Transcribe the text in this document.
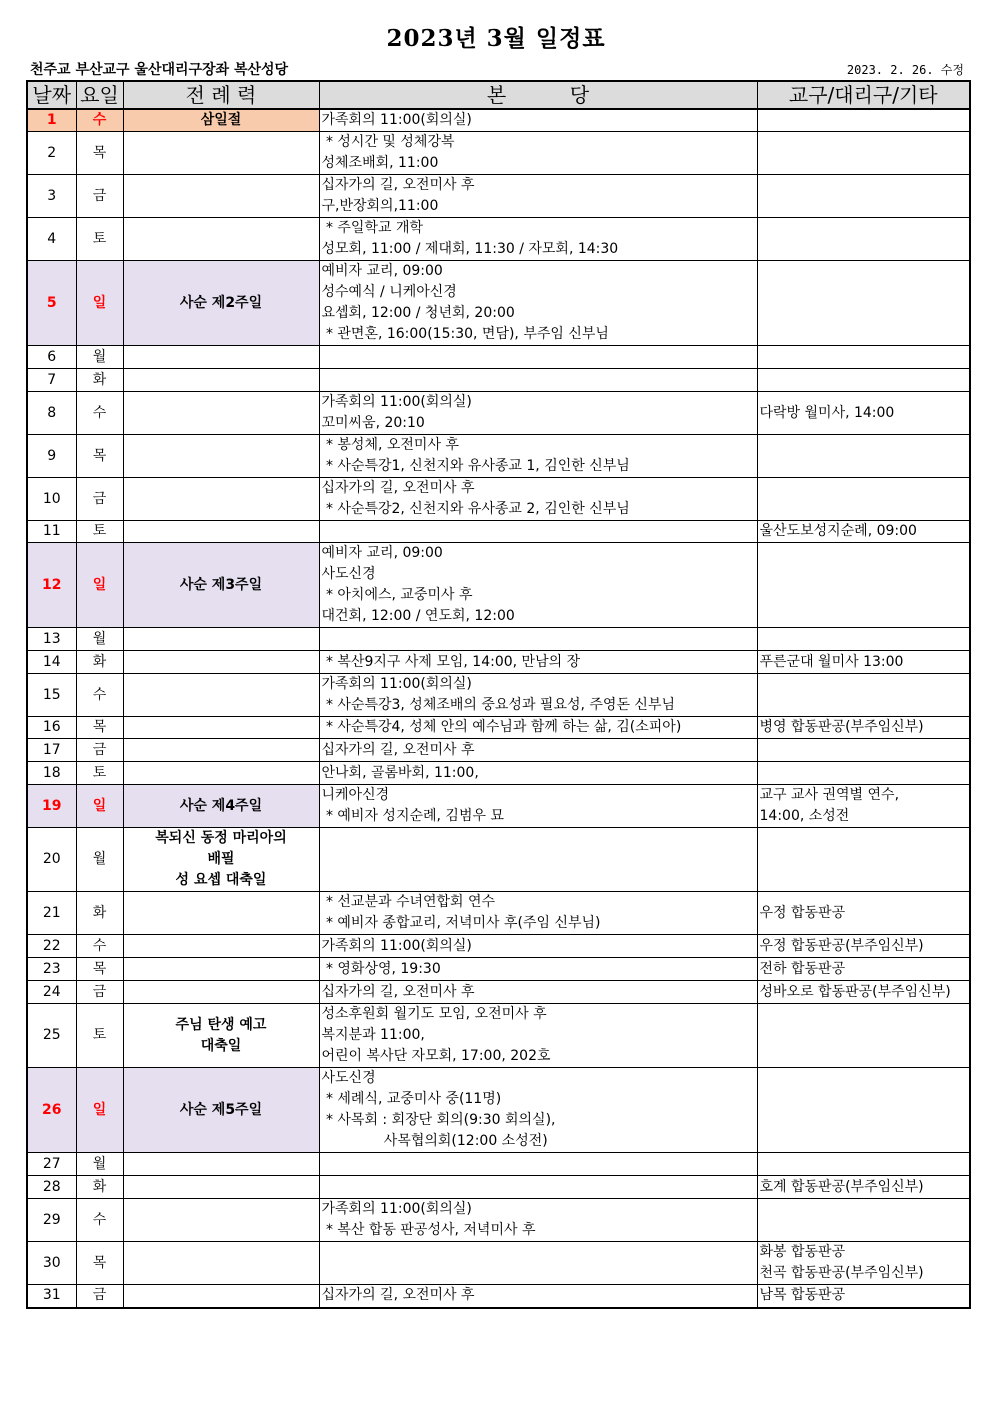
2023년 3월 일정표
천주교 부산교구 울산대리구장좌 복산성당	2023. 2. 26. 수정
날짜	요일	전 례 력	본          당	교구/대리구/기타
1	수	삼일절	가족회의 11:00(회의실)	

2	목		* 성시간 및 성체강복
성체조배회, 11:00	

3	금		십자가의 길, 오전미사 후
구,반장회의,11:00	

4	토		* 주일학교 개학
성모회, 11:00 / 제대회, 11:30 / 자모회, 14:30	

5	일	사순 제2주일	예비자 교리, 09:00
성수예식 / 니케아신경
요셉회, 12:00 / 청년회, 20:00
* 관면혼, 16:00(15:30, 면담), 부주임 신부님	

6	월			
7	화			
8	수		가족회의 11:00(회의실)
꼬미씨움, 20:10	다락방 월미사, 14:00

9	목		* 봉성체, 오전미사 후
* 사순특강1, 신천지와 유사종교 1, 김인한 신부님	

10	금		십자가의 길, 오전미사 후
* 사순특강2, 신천지와 유사종교 2, 김인한 신부님	

11	토			울산도보성지순례, 09:00

12	일	사순 제3주일	예비자 교리, 09:00
사도신경
* 아치에스, 교중미사 후
대건회, 12:00 / 연도회, 12:00	

13	월			
14	화		* 복산9지구 사제 모임, 14:00, 만남의 장	푸른군대 월미사 13:00

15	수		가족회의 11:00(회의실)
* 사순특강3, 성체조배의 중요성과 필요성, 주영돈 신부님	

16	목		* 사순특강4, 성체 안의 예수님과 함께 하는 삶, 김(소피아)	병영 합동판공(부주임신부)

17	금		십자가의 길, 오전미사 후	

18	토		안나회, 골롬바회, 11:00,	

19	일	사순 제4주일	니케아신경
* 예비자 성지순례, 김범우 묘	교구 교사 권역별 연수,
14:00, 소성전

20	월	복되신 동정 마리아의
배필
성 요셉 대축일		

21	화		* 선교분과 수녀연합회 연수
* 예비자 종합교리, 저녁미사 후(주임 신부님)	우정 합동판공

22	수		가족회의 11:00(회의실)	우정 합동판공(부주임신부)

23	목		* 영화상영, 19:30	전하 합동판공

24	금		십자가의 길, 오전미사 후	성바오로 합동판공(부주임신부)

25	토	주님 탄생 예고
대축일	성소후원회 월기도 모임, 오전미사 후
복지분과 11:00,
어린이 복사단 자모회, 17:00, 202호	

26	일	사순 제5주일	사도신경
* 세례식, 교중미사 중(11명)
* 사목회 : 회장단 회의(9:30 회의실),
사목협의회(12:00 소성전)	

27	월			
28	화			호계 합동판공(부주임신부)

29	수		가족회의 11:00(회의실)
* 복산 합동 판공성사, 저녁미사 후	

30	목			화봉 합동판공
천곡 합동판공(부주임신부)

31	금		십자가의 길, 오전미사 후	남목 합동판공
